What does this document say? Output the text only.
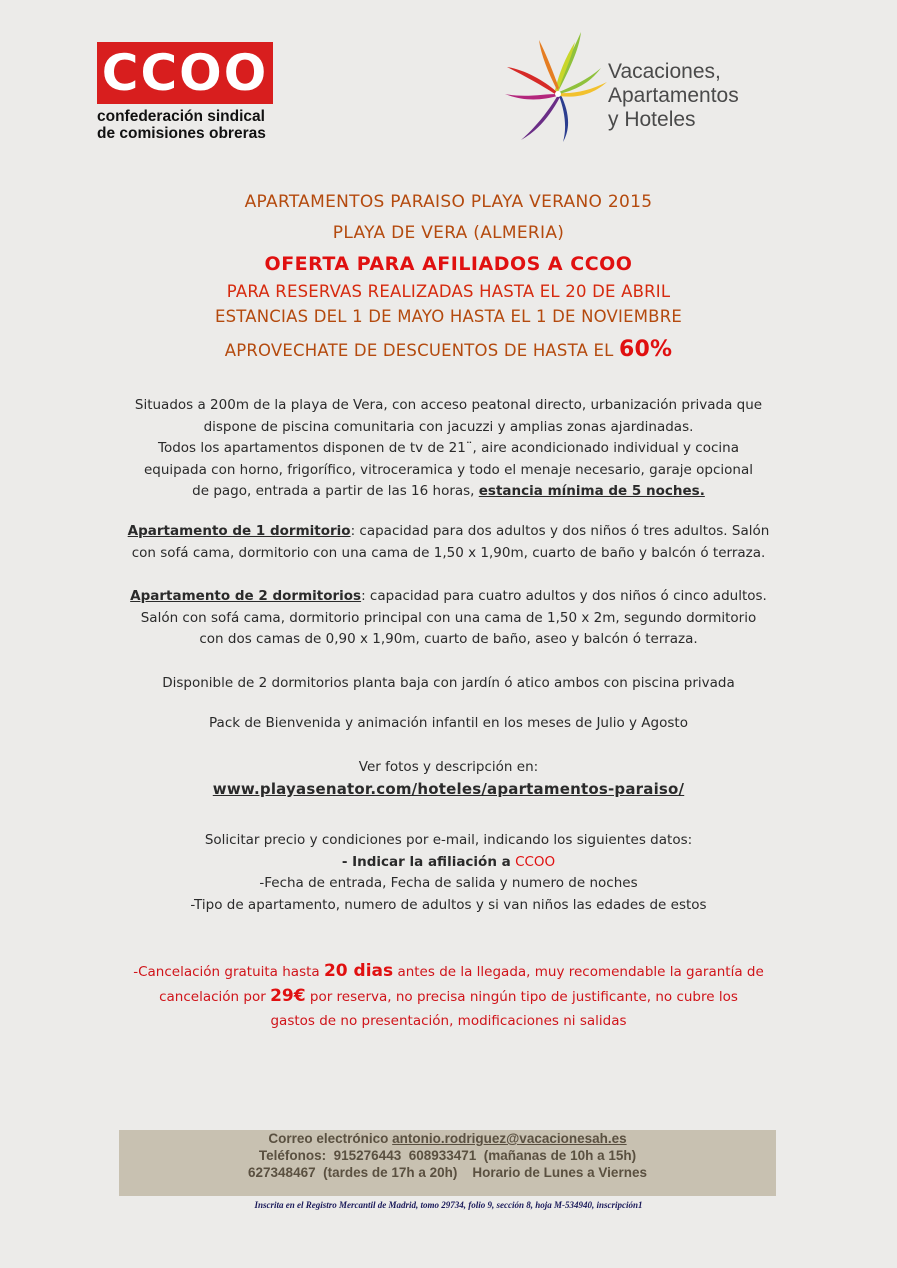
CCOO
confederación sindical
de comisiones obreras
Vacaciones,
Apartamentos
y Hoteles

APARTAMENTOS PARAISO PLAYA VERANO 2015

PLAYA DE VERA (ALMERIA)

OFERTA PARA AFILIADOS A CCOO

PARA RESERVAS REALIZADAS HASTA EL 20 DE ABRIL

ESTANCIAS DEL 1 DE MAYO HASTA EL 1 DE NOVIEMBRE

APROVECHATE DE DESCUENTOS DE HASTA EL 60%

Situados a 200m de la playa de Vera, con acceso peatonal directo, urbanización privada que
dispone de piscina comunitaria con jacuzzi y amplias zonas ajardinadas.
Todos los apartamentos disponen de tv de 21¨, aire acondicionado individual y cocina
equipada con horno, frigorífico, vitroceramica y todo el menaje necesario, garaje opcional
de pago, entrada a partir de las 16 horas, estancia mínima de 5 noches.
Apartamento de 1 dormitorio: capacidad para dos adultos y dos niños ó tres adultos. Salón
con sofá cama, dormitorio con una cama de 1,50 x 1,90m, cuarto de baño y balcón ó terraza.
Apartamento de 2 dormitorios: capacidad para cuatro adultos y dos niños ó cinco adultos.
Salón con sofá cama, dormitorio principal con una cama de 1,50 x 2m, segundo dormitorio
con dos camas de 0,90 x 1,90m, cuarto de baño, aseo y balcón ó terraza.
Disponible de 2 dormitorios planta baja con jardín ó atico ambos con piscina privada
Pack de Bienvenida y animación infantil en los meses de Julio y Agosto
Ver fotos y descripción en:
www.playasenator.com/hoteles/apartamentos-paraiso/
Solicitar precio y condiciones por e-mail, indicando los siguientes datos:
- Indicar la afiliación a CCOO
-Fecha de entrada, Fecha de salida y numero de noches
-Tipo de apartamento, numero de adultos y si van niños las edades de estos
-Cancelación gratuita hasta 20 dias antes de la llegada, muy recomendable la garantía de
cancelación por 29€ por reserva, no precisa ningún tipo de justificante, no cubre los
gastos de no presentación, modificaciones ni salidas
Correo electrónico antonio.rodriguez@vacacionesah.es
Teléfonos:  915276443  608933471  (mañanas de 10h a 15h)
627348467  (tardes de 17h a 20h)    Horario de Lunes a Viernes
Inscrita en el Registro Mercantil de Madrid, tomo 29734, folio 9, sección 8, hoja M-534940, inscripción1
